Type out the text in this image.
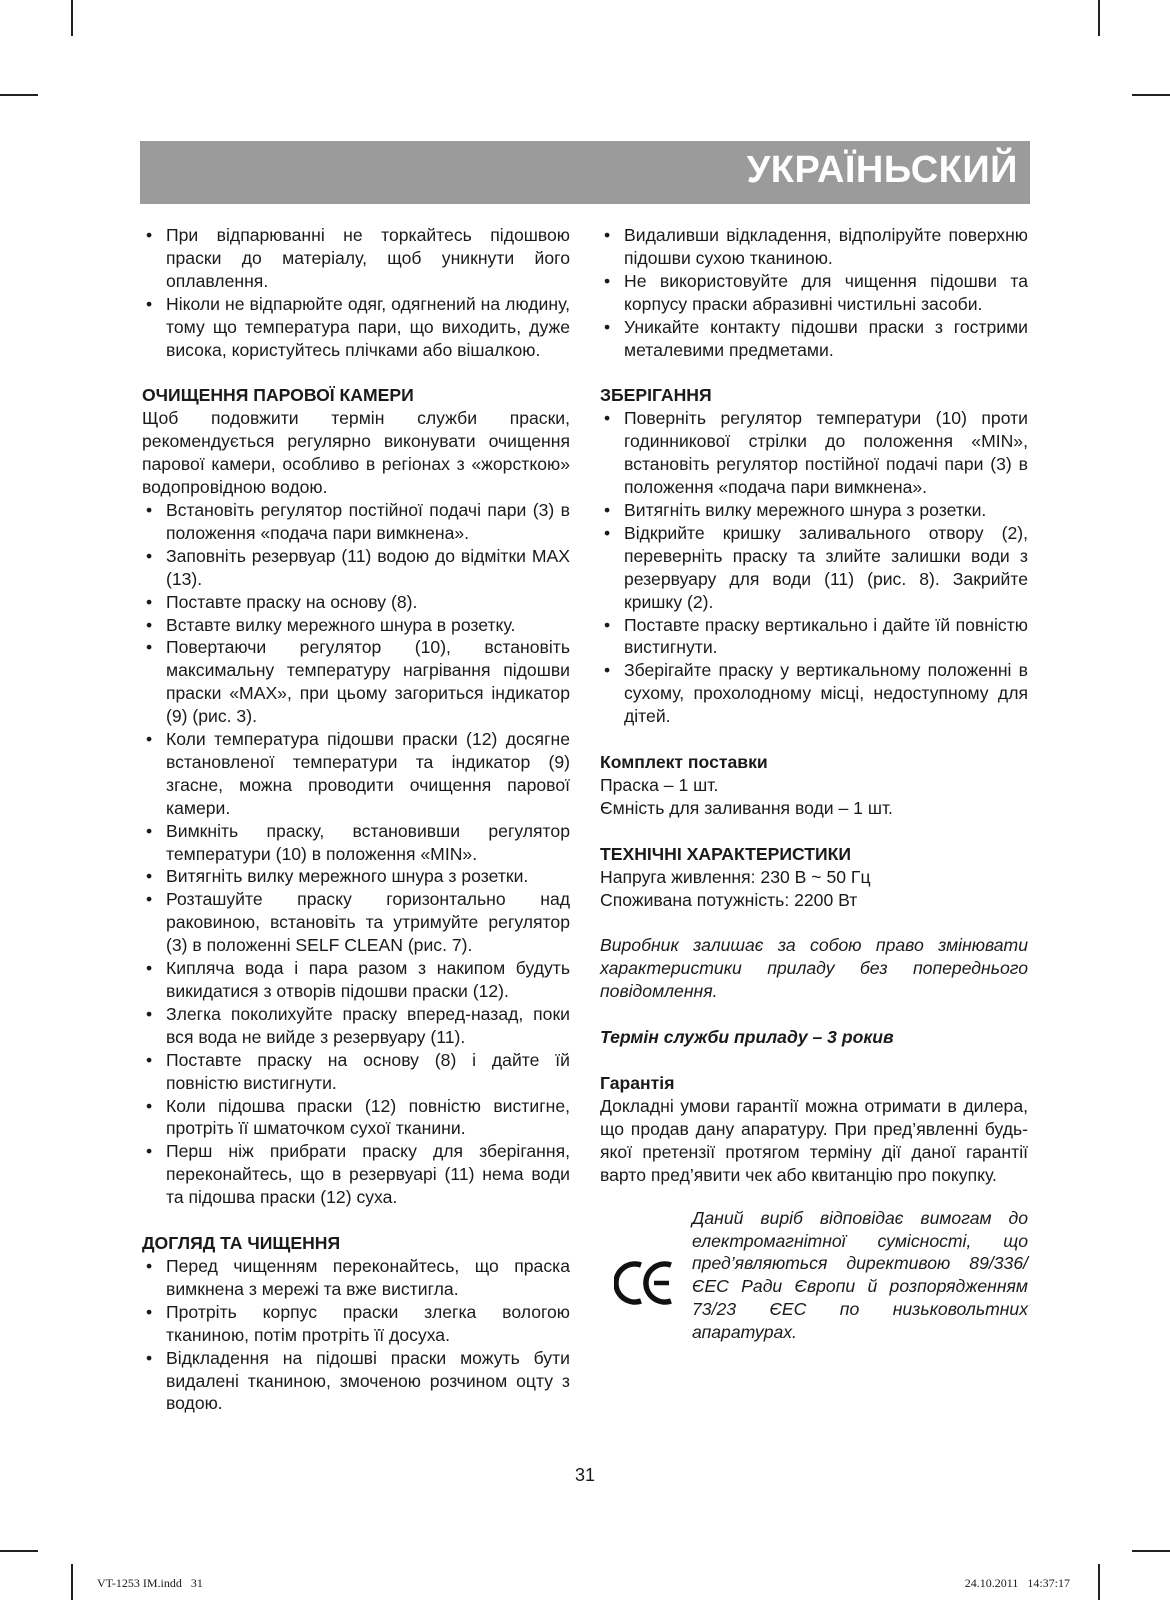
УКРАЇНЬСКИЙ
• При відпарюванні не торкайтесь підошвою праски до матеріалу, щоб уникнути його оплавлення.
• Ніколи не відпарюйте одяг, одягнений на людину, тому що температура пари, що виходить, дуже висока, користуйтесь плічками або вішалкою.
ОЧИЩЕННЯ ПАРОВОЇ КАМЕРИ
Щоб подовжити термін служби праски, рекомендується регулярно виконувати очищення парової камери, особливо в регіонах з «жорсткою» водопровідною водою.
• Встановіть регулятор постійної подачі пари (3) в положення «подача пари вимкнена».
• Заповніть резервуар (11) водою до відмітки MAX (13).
• Поставте праску на основу (8).
• Вставте вилку мережного шнура в розетку.
• Повертаючи регулятор (10), встановіть максимальну температуру нагрівання підошви праски «MAX», при цьому загориться індикатор (9) (рис. 3).
• Коли температура підошви праски (12) досягне встановленої температури та індикатор (9) згасне, можна проводити очищення парової камери.
• Вимкніть праску, встановивши регулятор температури (10) в положення «MIN».
• Витягніть вилку мережного шнура з розетки.
• Розташуйте праску горизонтально над раковиною, встановіть та утримуйте регулятор (3) в положенні SELF CLEAN (рис. 7).
• Кипляча вода і пара разом з накипом будуть викидатися з отворів підошви праски (12).
• Злегка поколихуйте праску вперед-назад, поки вся вода не вийде з резервуару (11).
• Поставте праску на основу (8) і дайте їй повністю вистигнути.
• Коли підошва праски (12) повністю вистигне, протріть її шматочком сухої тканини.
• Перш ніж прибрати праску для зберігання, переконайтесь, що в резервуарі (11) нема води та підошва праски (12) суха.
ДОГЛЯД ТА ЧИЩЕННЯ
• Перед чищенням переконайтесь, що праска вимкнена з мережі та вже вистигла.
• Протріть корпус праски злегка вологою тканиною, потім протріть її досуха.
• Відкладення на підошві праски можуть бути видалені тканиною, змоченою розчином оцту з водою.
• Видаливши відкладення, відполіруйте поверхню підошви сухою тканиною.
• Не використовуйте для чищення підошви та корпусу праски абразивні чистильні засоби.
• Уникайте контакту підошви праски з гострими металевими предметами.
ЗБЕРІГАННЯ
• Поверніть регулятор температури (10) проти годинникової стрілки до положення «MIN», встановіть регулятор постійної подачі пари (3) в положення «подача пари вимкнена».
• Витягніть вилку мережного шнура з розетки.
• Відкрийте кришку заливального отвору (2), переверніть праску та злийте залишки води з резервуару для води (11) (рис. 8). Закрийте кришку (2).
• Поставте праску вертикально і дайте їй повністю вистигнути.
• Зберігайте праску у вертикальному положенні в сухому, прохолодному місці, недоступному для дітей.
Комплект поставки
Праска – 1 шт.
Ємність для заливання води – 1 шт.
ТЕХНІЧНІ ХАРАКТЕРИСТИКИ
Напруга живлення: 230 В ~ 50 Гц
Споживана потужність: 2200 Вт
Виробник залишає за собою право змінювати характеристики приладу без попереднього повідомлення.
Термін служби приладу – 3 рокив
Гарантія
Докладні умови гарантії можна отримати в дилера, що продав дану апаратуру. При пред’явленні будь-якої претензії протягом терміну дії даної гарантії варто пред’явити чек або квитанцію про покупку.
Даний виріб відповідає вимогам до електромагнітної сумісності, що пред’являються директивою 89/336/ЄЕС Ради Європи й розпорядженням 73/23 ЄЕС по низьковольтних апаратурах.
31
VT-1253 IM.indd   31	24.10.2011   14:37:17
